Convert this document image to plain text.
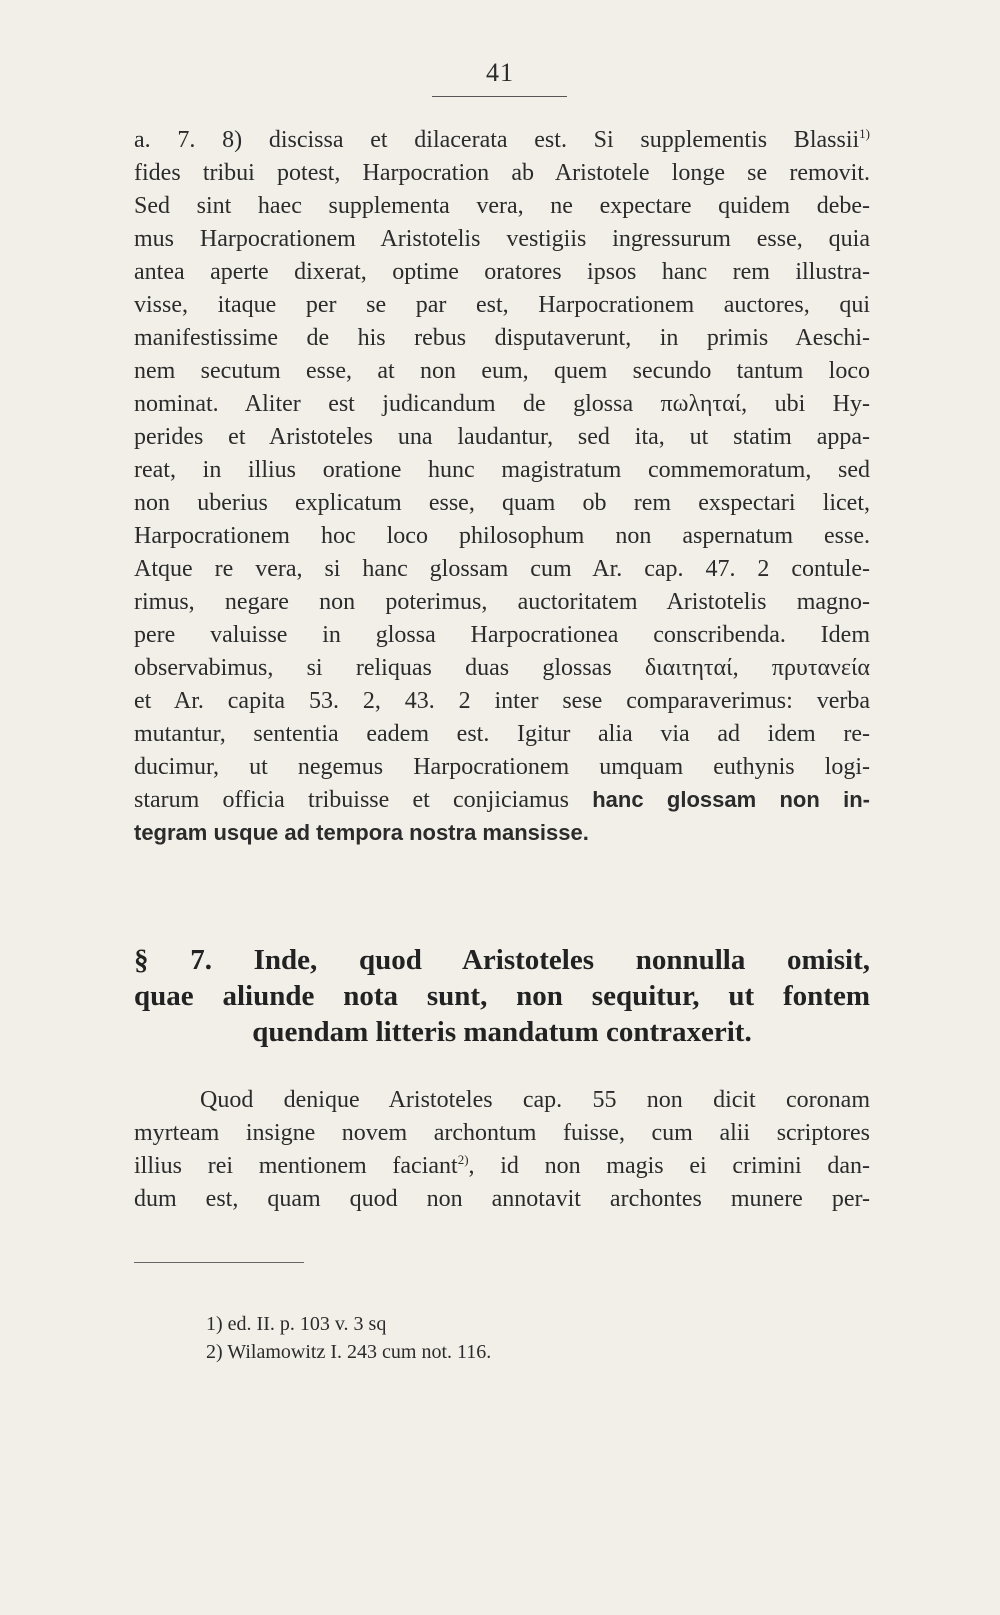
41
a. 7. 8) discissa et dilacerata est. Si supplementis Blassii$^{1)}$
fides tribui potest, Harpocration ab Aristotele longe se removit.
Sed sint haec supplementa vera, ne expectare quidem debe-
mus Harpocrationem Aristotelis vestigiis ingressurum esse, quia
antea aperte dixerat, optime oratores ipsos hanc rem illustra-
visse, itaque per se par est, Harpocrationem auctores, qui
manifestissime de his rebus disputaverunt, in primis Aeschi-
nem secutum esse, at non eum, quem secundo tantum loco
nominat. Aliter est judicandum de glossa πωληταί, ubi Hy-
perides et Aristoteles una laudantur, sed ita, ut statim appa-
reat, in illius oratione hunc magistratum commemoratum, sed
non uberius explicatum esse, quam ob rem exspectari licet,
Harpocrationem hoc loco philosophum non aspernatum esse.
Atque re vera, si hanc glossam cum Ar. cap. 47. 2 contule-
rimus, negare non poterimus, auctoritatem Aristotelis magno-
pere valuisse in glossa Harpocrationea conscribenda. Idem
observabimus, si reliquas duas glossas διαιτηταί, πρυτανεία
et Ar. capita 53. 2, 43. 2 inter sese comparaverimus: verba
mutantur, sententia eadem est. Igitur alia via ad idem re-
ducimur, ut negemus Harpocrationem umquam euthynis logi-
starum officia tribuisse et conjiciamus hanc glossam non in-
tegram usque ad tempora nostra mansisse.
§ 7. Inde, quod Aristoteles nonnulla omisit,
quae aliunde nota sunt, non sequitur, ut fontem
quendam litteris mandatum contraxerit.
Quod denique Aristoteles cap. 55 non dicit coronam
myrteam insigne novem archontum fuisse, cum alii scriptores
illius rei mentionem faciant$^{2)}$, id non magis ei crimini dan-
dum est, quam quod non annotavit archontes munere per-
1) ed. II. p. 103 v. 3 sq
2) Wilamowitz I. 243 cum not. 116.
